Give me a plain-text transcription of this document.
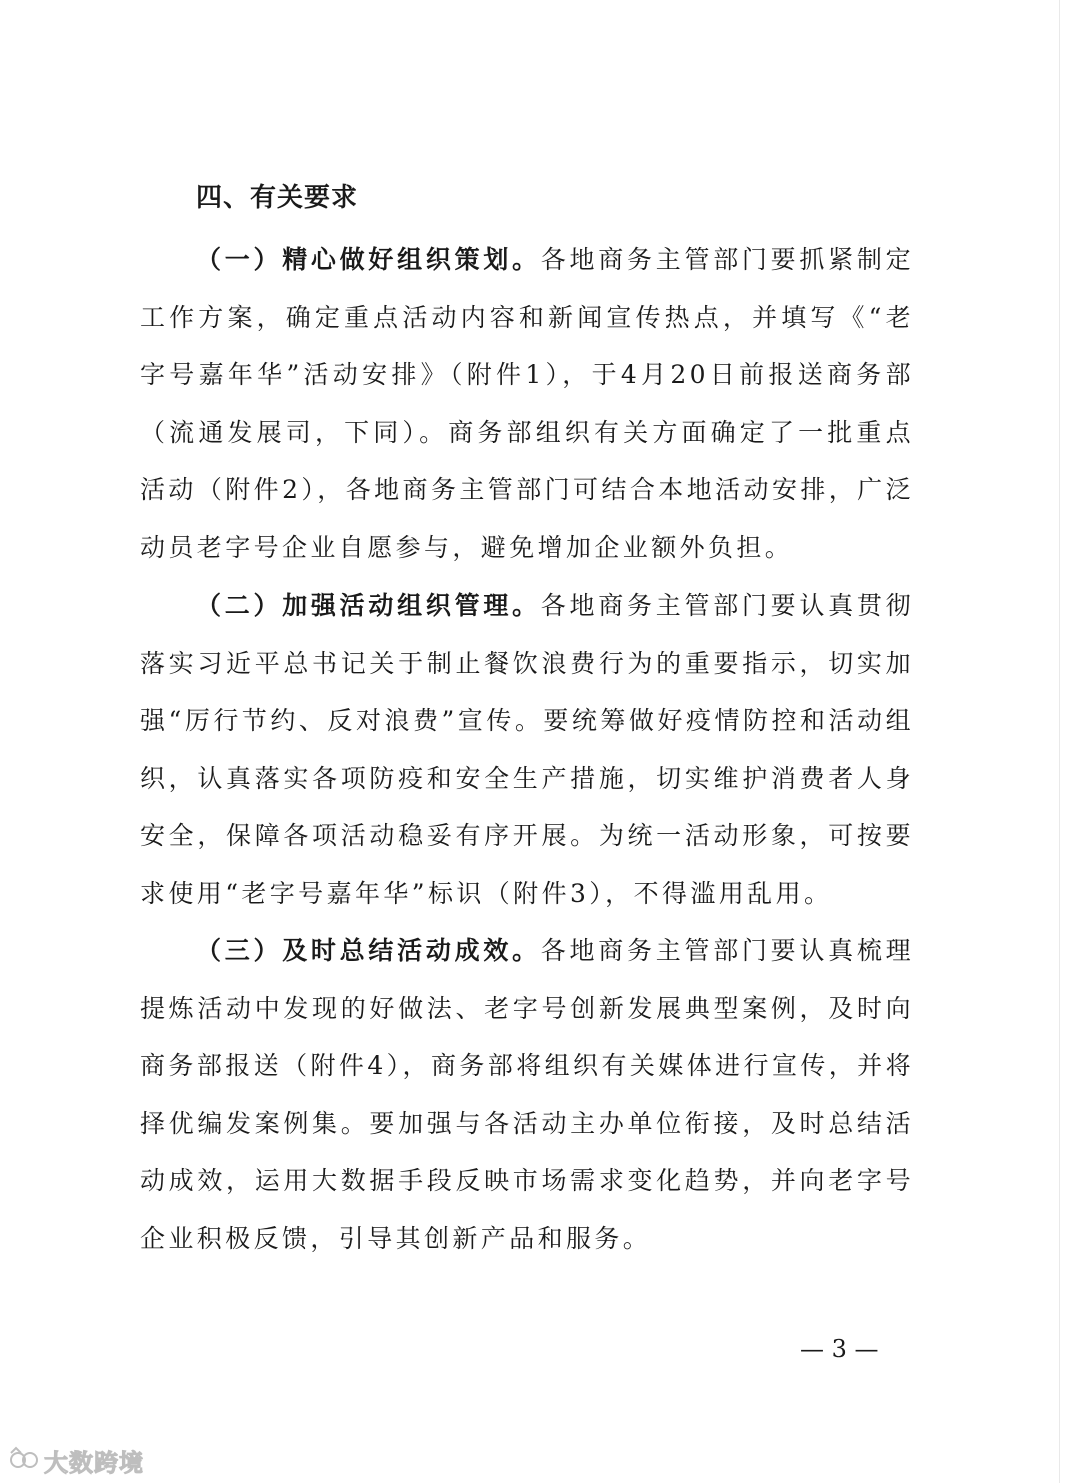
四、有关要求

（一）精心做好组织策划。各地商务主管部门要抓紧制定工作方案，确定重点活动内容和新闻宣传热点，并填写《“老字号嘉年华”活动安排》（附件1），于4月20日前报送商务部（流通发展司，下同）。商务部组织有关方面确定了一批重点活动（附件2），各地商务主管部门可结合本地活动安排，广泛动员老字号企业自愿参与，避免增加企业额外负担。

（二）加强活动组织管理。各地商务主管部门要认真贯彻落实习近平总书记关于制止餐饮浪费行为的重要指示，切实加强“厉行节约、反对浪费”宣传。要统筹做好疫情防控和活动组织，认真落实各项防疫和安全生产措施，切实维护消费者人身安全，保障各项活动稳妥有序开展。为统一活动形象，可按要求使用“老字号嘉年华”标识（附件3），不得滥用乱用。

（三）及时总结活动成效。各地商务主管部门要认真梳理提炼活动中发现的好做法、老字号创新发展典型案例，及时向商务部报送（附件4），商务部将组织有关媒体进行宣传，并将择优编发案例集。要加强与各活动主办单位衔接，及时总结活动成效，运用大数据手段反映市场需求变化趋势，并向老字号企业积极反馈，引导其创新产品和服务。

— 3 —
大数跨境
